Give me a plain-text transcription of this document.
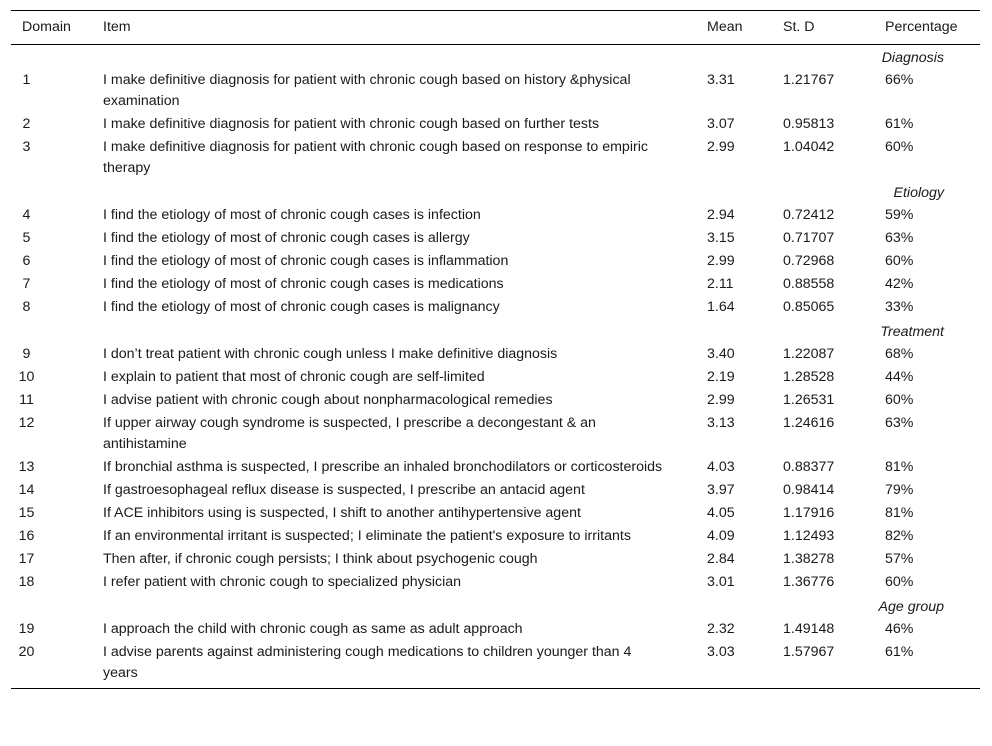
Domain	Item	Mean	St. D	Percentage
Diagnosis				
1	I make definitive diagnosis for patient with chronic cough based on history &physical examination	3.31	1.21767	66%
2	I make definitive diagnosis for patient with chronic cough based on further tests	3.07	0.95813	61%
3	I make definitive diagnosis for patient with chronic cough based on response to empiric therapy	2.99	1.04042	60%
Etiology				
4	I find the etiology of most of chronic cough cases is infection	2.94	0.72412	59%
5	I find the etiology of most of chronic cough cases is allergy	3.15	0.71707	63%
6	I find the etiology of most of chronic cough cases is inflammation	2.99	0.72968	60%
7	I find the etiology of most of chronic cough cases is medications	2.11	0.88558	42%
8	I find the etiology of most of chronic cough cases is malignancy	1.64	0.85065	33%
Treatment				
9	I don’t treat patient with chronic cough unless I make definitive diagnosis	3.40	1.22087	68%
10	I explain to patient that most of chronic cough are self-limited	2.19	1.28528	44%
11	I advise patient with chronic cough about nonpharmacological remedies	2.99	1.26531	60%
12	If upper airway cough syndrome is suspected, I prescribe a decongestant & an antihistamine	3.13	1.24616	63%
13	If bronchial asthma is suspected, I prescribe an inhaled bronchodilators or corticosteroids	4.03	0.88377	81%
14	If gastroesophageal reflux disease is suspected, I prescribe an antacid agent	3.97	0.98414	79%
15	If ACE inhibitors using is suspected, I shift to another antihypertensive agent	4.05	1.17916	81%
16	If an environmental irritant is suspected; I eliminate the patient's exposure to irritants	4.09	1.12493	82%
17	Then after, if chronic cough persists; I think about psychogenic cough	2.84	1.38278	57%
18	I refer patient with chronic cough to specialized physician	3.01	1.36776	60%
Age group				
19	I approach the child with chronic cough as same as adult approach	2.32	1.49148	46%
20	I advise parents against administering cough medications to children younger than 4 years	3.03	1.57967	61%
